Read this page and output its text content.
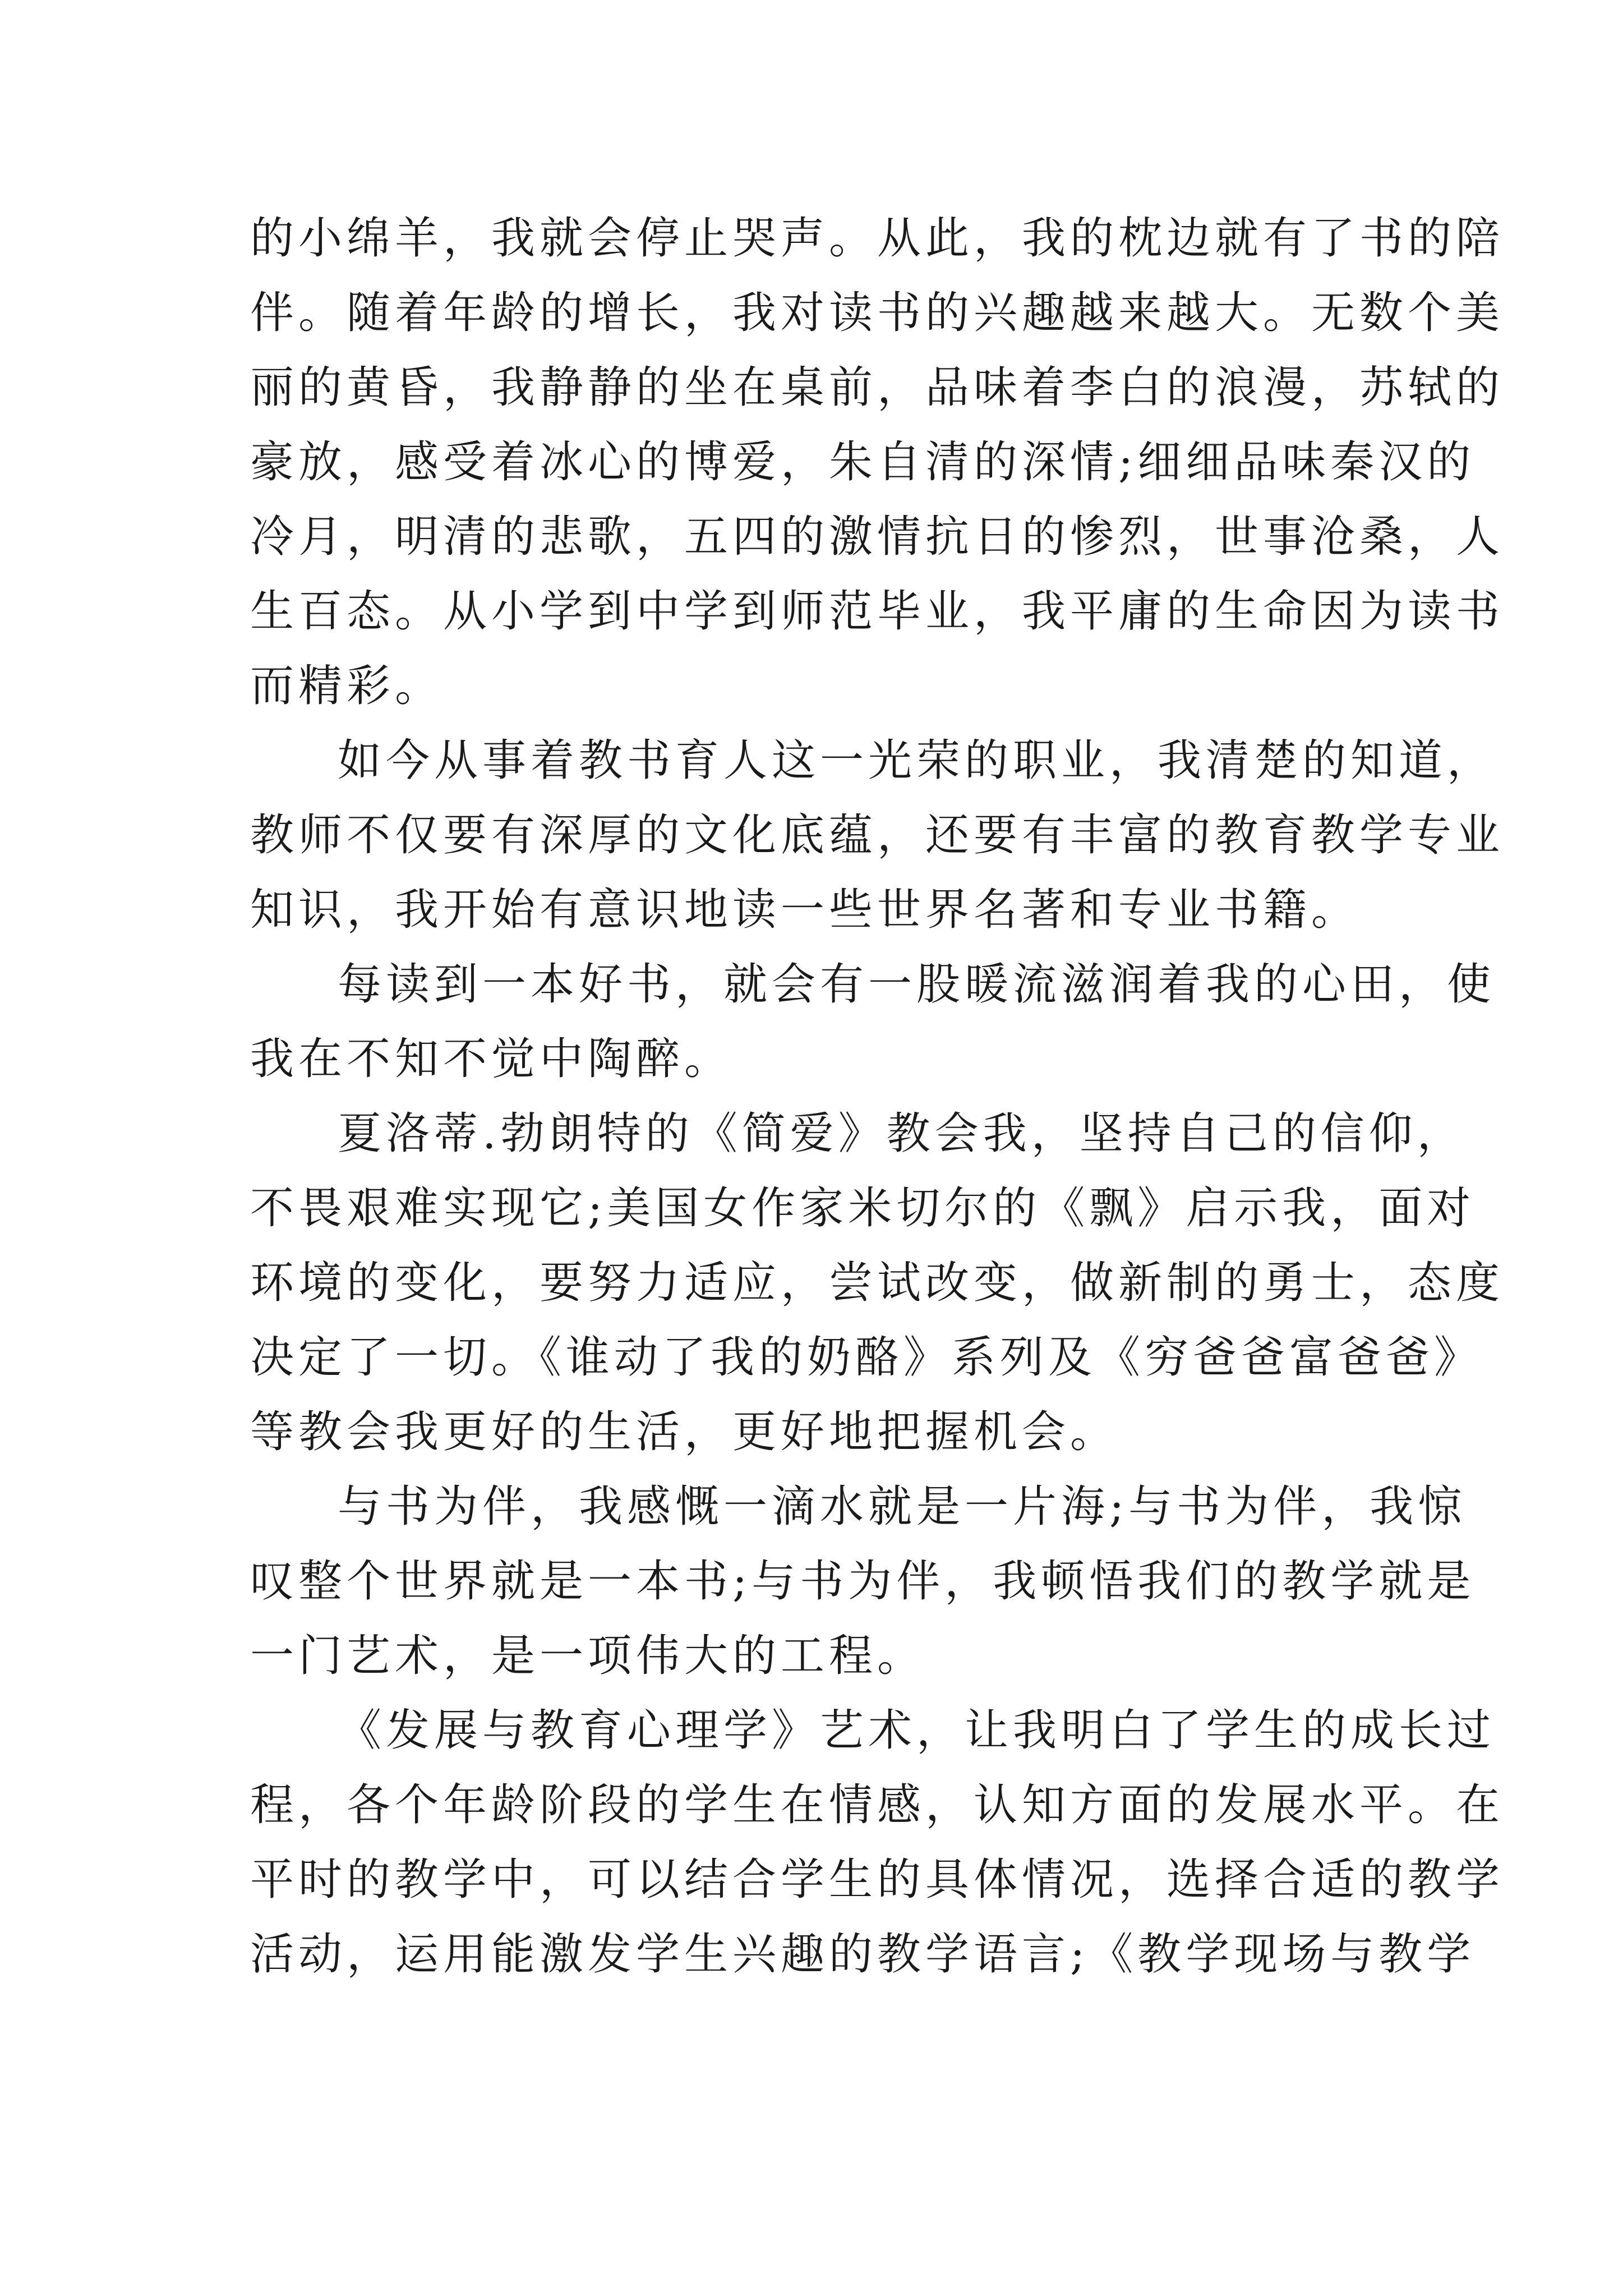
的小绵羊，我就会停止哭声。从此，我的枕边就有了书的陪
伴。随着年龄的增长，我对读书的兴趣越来越大。无数个美
丽的黄昏，我静静的坐在桌前，品味着李白的浪漫，苏轼的
豪放，感受着冰心的博爱，朱自清的深情;细细品味秦汉的
冷月，明清的悲歌，五四的激情抗日的惨烈，世事沧桑，人
生百态。从小学到中学到师范毕业，我平庸的生命因为读书
而精彩。
如今从事着教书育人这一光荣的职业，我清楚的知道，
教师不仅要有深厚的文化底蕴，还要有丰富的教育教学专业
知识，我开始有意识地读一些世界名著和专业书籍。
每读到一本好书，就会有一股暖流滋润着我的心田，使
我在不知不觉中陶醉。
夏洛蒂.勃朗特的《简爱》教会我，坚持自己的信仰，
不畏艰难实现它;美国女作家米切尔的《飘》启示我，面对
环境的变化，要努力适应，尝试改变，做新制的勇士，态度
决定了一切。《谁动了我的奶酪》系列及《穷爸爸富爸爸》
等教会我更好的生活，更好地把握机会。
与书为伴，我感慨一滴水就是一片海;与书为伴，我惊
叹整个世界就是一本书;与书为伴，我顿悟我们的教学就是
一门艺术，是一项伟大的工程。
《发展与教育心理学》艺术，让我明白了学生的成长过
程，各个年龄阶段的学生在情感，认知方面的发展水平。在
平时的教学中，可以结合学生的具体情况，选择合适的教学
活动，运用能激发学生兴趣的教学语言;《教学现场与教学
